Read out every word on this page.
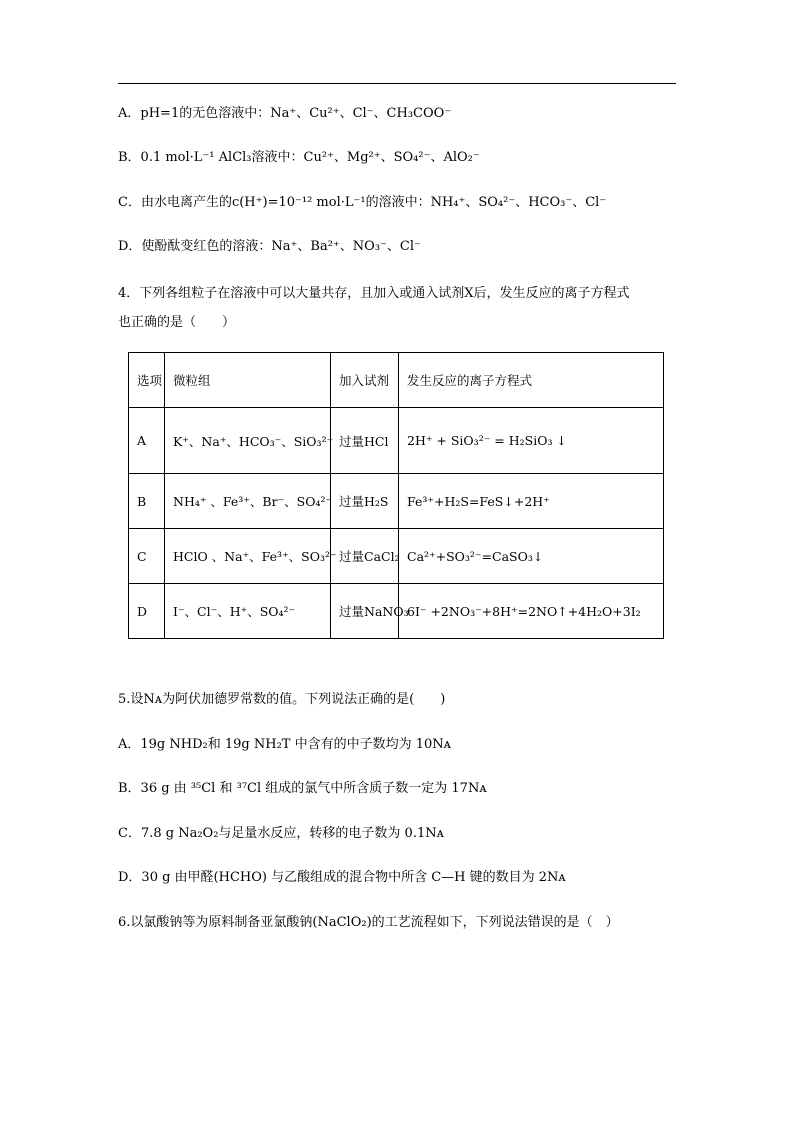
A．pH=1的无色溶液中：Na⁺、Cu²⁺、Cl⁻、CH₃COO⁻
B．0.1 mol·L⁻¹ AlCl₃溶液中：Cu²⁺、Mg²⁺、SO₄²⁻、AlO₂⁻
C．由水电离产生的c(H⁺)=10⁻¹² mol·L⁻¹的溶液中：NH₄⁺、SO₄²⁻、HCO₃⁻、Cl⁻
D．使酚酞变红色的溶液：Na⁺、Ba²⁺、NO₃⁻、Cl⁻
4．下列各组粒子在溶液中可以大量共存，且加入或通入试剂X后，发生反应的离子方程式
也正确的是（　　）
选项	微粒组	加入试剂	发生反应的离子方程式
A	K⁺、Na⁺、HCO₃⁻、SiO₃²⁻	过量HCl	2H⁺ + SiO₃²⁻ = H₂SiO₃ ↓
B	NH₄⁺ 、Fe³⁺、Br⁻、SO₄²⁻	过量H₂S	Fe³⁺+H₂S=FeS↓+2H⁺
C	HClO 、Na⁺、Fe³⁺、SO₃²⁻	过量CaCl₂	Ca²⁺+SO₃²⁻=CaSO₃↓
D	I⁻、Cl⁻、H⁺、SO₄²⁻	过量NaNO₃	6I⁻ +2NO₃⁻+8H⁺=2NO↑+4H₂O+3I₂
5.设Nᴀ为阿伏加德罗常数的值。下列说法正确的是(　　)
A．19g NHD₂和 19g NH₂T 中含有的中子数均为 10Nᴀ
B．36 g 由 ³⁵Cl 和 ³⁷Cl 组成的氯气中所含质子数一定为 17Nᴀ
C．7.8 g Na₂O₂与足量水反应，转移的电子数为 0.1Nᴀ
D．30 g 由甲醛(HCHO) 与乙酸组成的混合物中所含 C—H 键的数目为 2Nᴀ
6.以氯酸钠等为原料制备亚氯酸钠(NaClO₂)的工艺流程如下，下列说法错误的是（　）
